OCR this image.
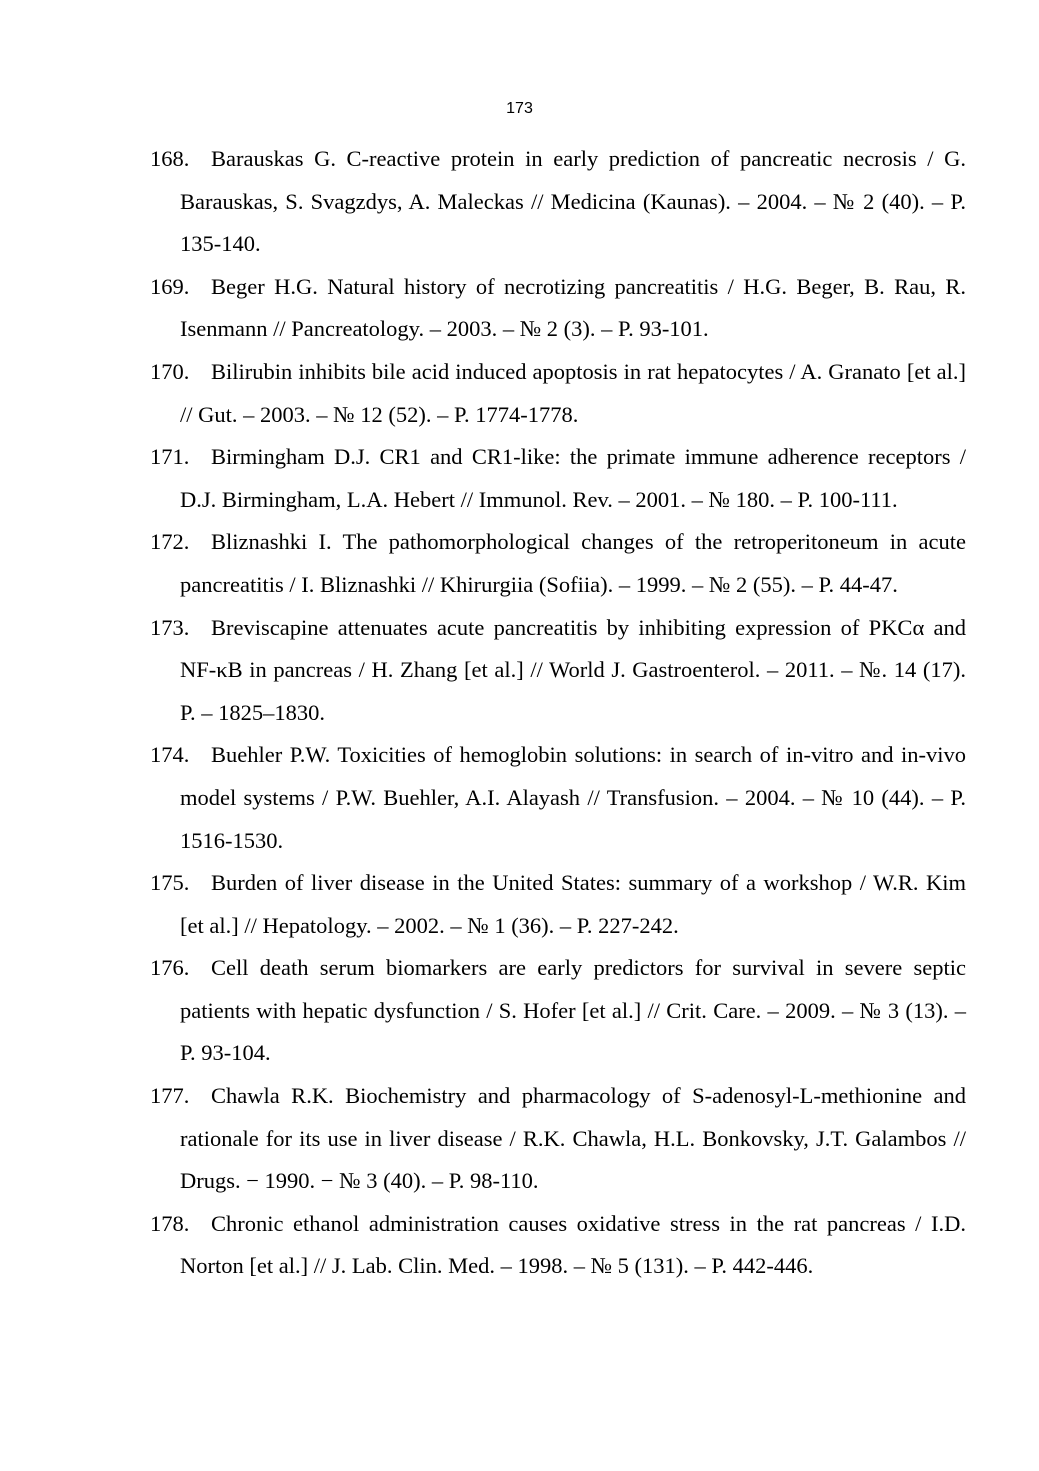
173
168. Barauskas G. C-reactive protein in early prediction of pancreatic necrosis / G. Barauskas, S. Svagzdys, A. Maleckas // Medicina (Kaunas). – 2004. – № 2 (40). – P. 135-140.
169. Beger H.G. Natural history of necrotizing pancreatitis / H.G. Beger, B. Rau, R. Isenmann // Pancreatology. – 2003. – № 2 (3). – P. 93-101.
170. Bilirubin inhibits bile acid induced apoptosis in rat hepatocytes / A. Granato [et al.] // Gut. – 2003. – № 12 (52). – P. 1774-1778.
171. Birmingham D.J. CR1 and CR1-like: the primate immune adherence receptors / D.J. Birmingham, L.A. Hebert // Immunol. Rev. – 2001. – № 180. – P. 100-111.
172. Bliznashki I. The pathomorphological changes of the retroperitoneum in acute pancreatitis / I. Bliznashki // Khirurgiia (Sofiia). – 1999. – № 2 (55). – P. 44-47.
173. Breviscapine attenuates acute pancreatitis by inhibiting expression of PKCα and NF-κB in pancreas / H. Zhang [et al.] // World J. Gastroenterol. – 2011. – №. 14 (17). P. – 1825–1830.
174. Buehler P.W. Toxicities of hemoglobin solutions: in search of in-vitro and in-vivo model systems / P.W. Buehler, A.I. Alayash // Transfusion. – 2004. – № 10 (44). – P. 1516-1530.
175. Burden of liver disease in the United States: summary of a workshop / W.R. Kim [et al.] // Hepatology. – 2002. – № 1 (36). – P. 227-242.
176. Cell death serum biomarkers are early predictors for survival in severe septic patients with hepatic dysfunction / S. Hofer [et al.] // Crit. Care. – 2009. – № 3 (13). – P. 93-104.
177. Chawla R.K. Biochemistry and pharmacology of S-adenosyl-L-methionine and rationale for its use in liver disease / R.K. Chawla, H.L. Bonkovsky, J.T. Galambos // Drugs. − 1990. − № 3 (40). – P. 98-110.
178. Chronic ethanol administration causes oxidative stress in the rat pancreas / I.D. Norton [et al.] // J. Lab. Clin. Med. – 1998. – № 5 (131). – P. 442-446.
